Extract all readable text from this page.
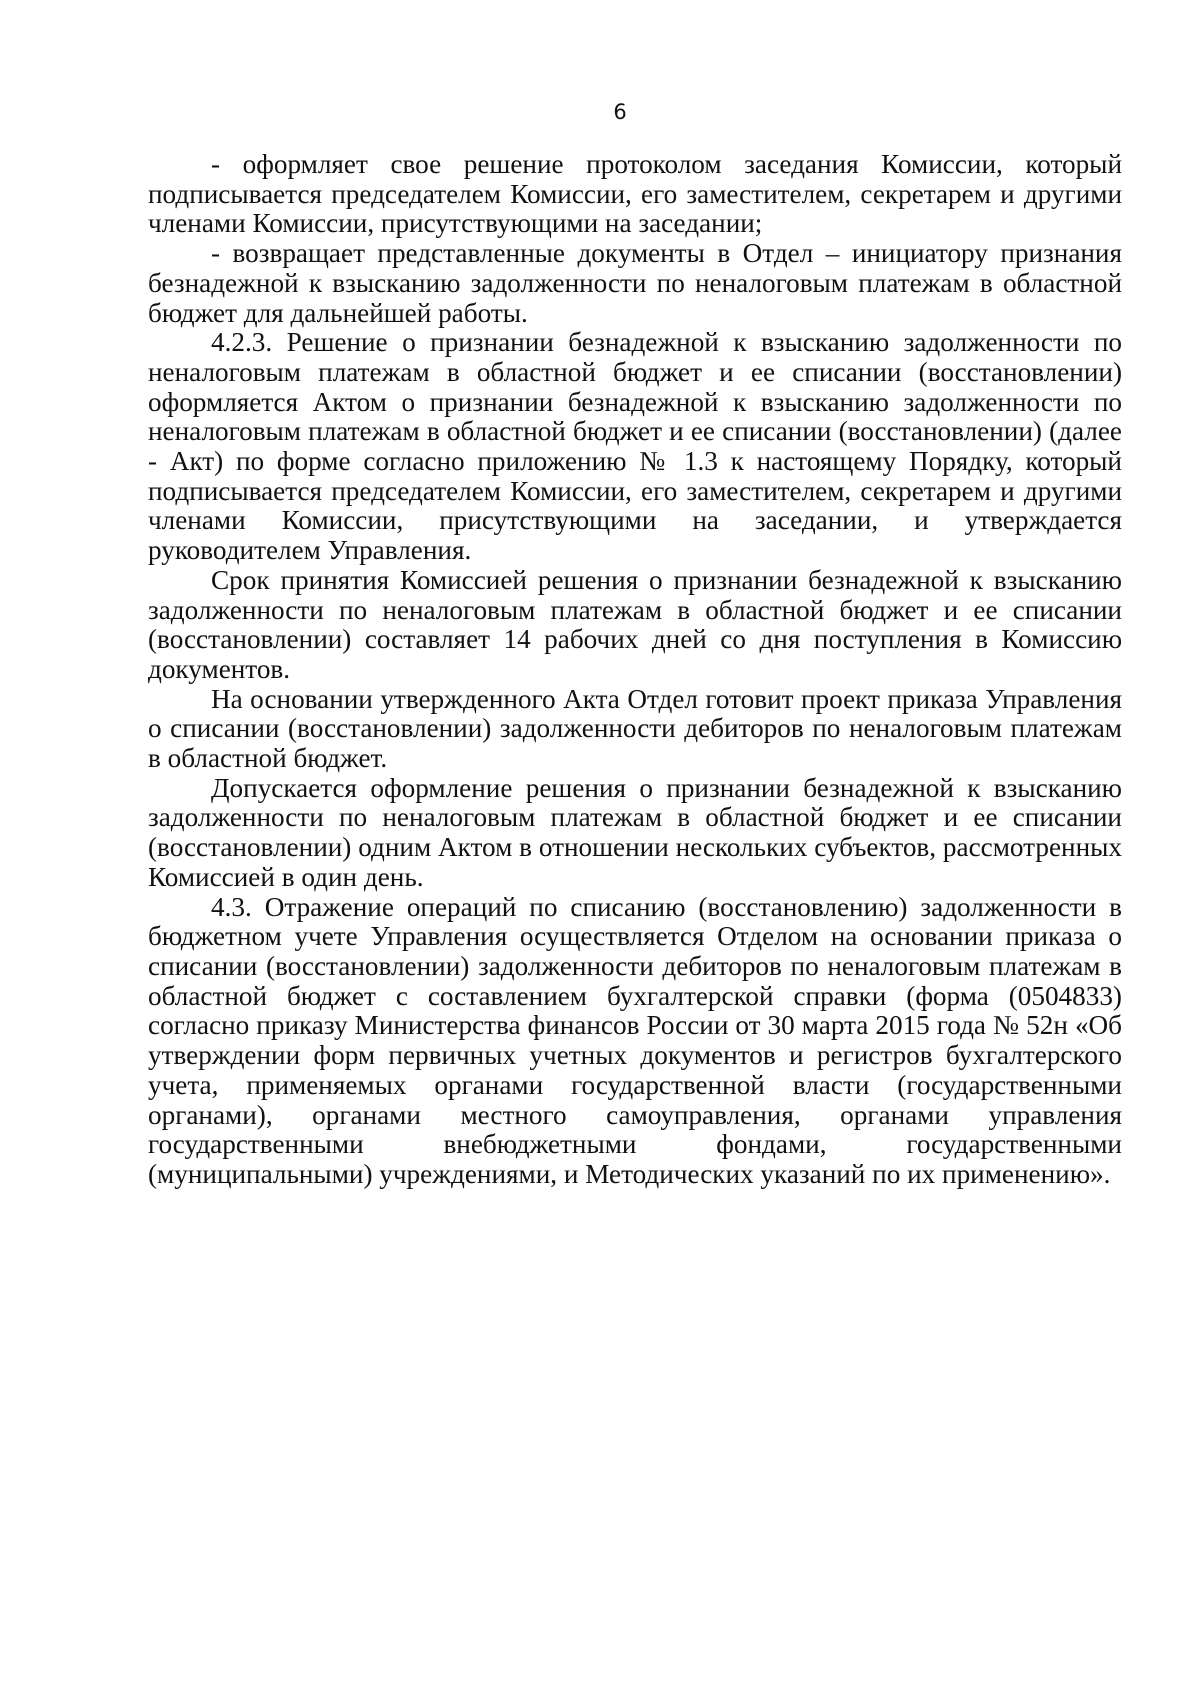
6

- оформляет свое решение протоколом заседания Комиссии, который подписывается председателем Комиссии, его заместителем, секретарем и другими членами Комиссии, присутствующими на заседании;

- возвращает представленные документы в Отдел – инициатору признания безнадежной к взысканию задолженности по неналоговым платежам в областной бюджет для дальнейшей работы.

4.2.3. Решение о признании безнадежной к взысканию задолженности по неналоговым платежам в областной бюджет и ее списании (восстановлении) оформляется Актом о признании безнадежной к взысканию задолженности по неналоговым платежам в областной бюджет и ее списании (восстановлении) (далее - Акт) по форме согласно приложению № 1.3 к настоящему Порядку, который подписывается председателем Комиссии, его заместителем, секретарем и другими членами Комиссии, присутствующими на заседании, и утверждается руководителем Управления.

Срок принятия Комиссией решения о признании безнадежной к взысканию задолженности по неналоговым платежам в областной бюджет и ее списании (восстановлении) составляет 14 рабочих дней со дня поступления в Комиссию документов.

На основании утвержденного Акта Отдел готовит проект приказа Управления о списании (восстановлении) задолженности дебиторов по неналоговым платежам в областной бюджет.

Допускается оформление решения о признании безнадежной к взысканию задолженности по неналоговым платежам в областной бюджет и ее списании (восстановлении) одним Актом в отношении нескольких субъектов, рассмотренных Комиссией в один день.

4.3. Отражение операций по списанию (восстановлению) задолженности в бюджетном учете Управления осуществляется Отделом на основании приказа о списании (восстановлении) задолженности дебиторов по неналоговым платежам в областной бюджет с составлением бухгалтерской справки (форма (0504833) согласно приказу Министерства финансов России от 30 марта 2015 года № 52н «Об утверждении форм первичных учетных документов и регистров бухгалтерского учета, применяемых органами государственной власти (государственными органами), органами местного самоуправления, органами управления государственными внебюджетными фондами, государственными (муниципальными) учреждениями, и Методических указаний по их применению».
